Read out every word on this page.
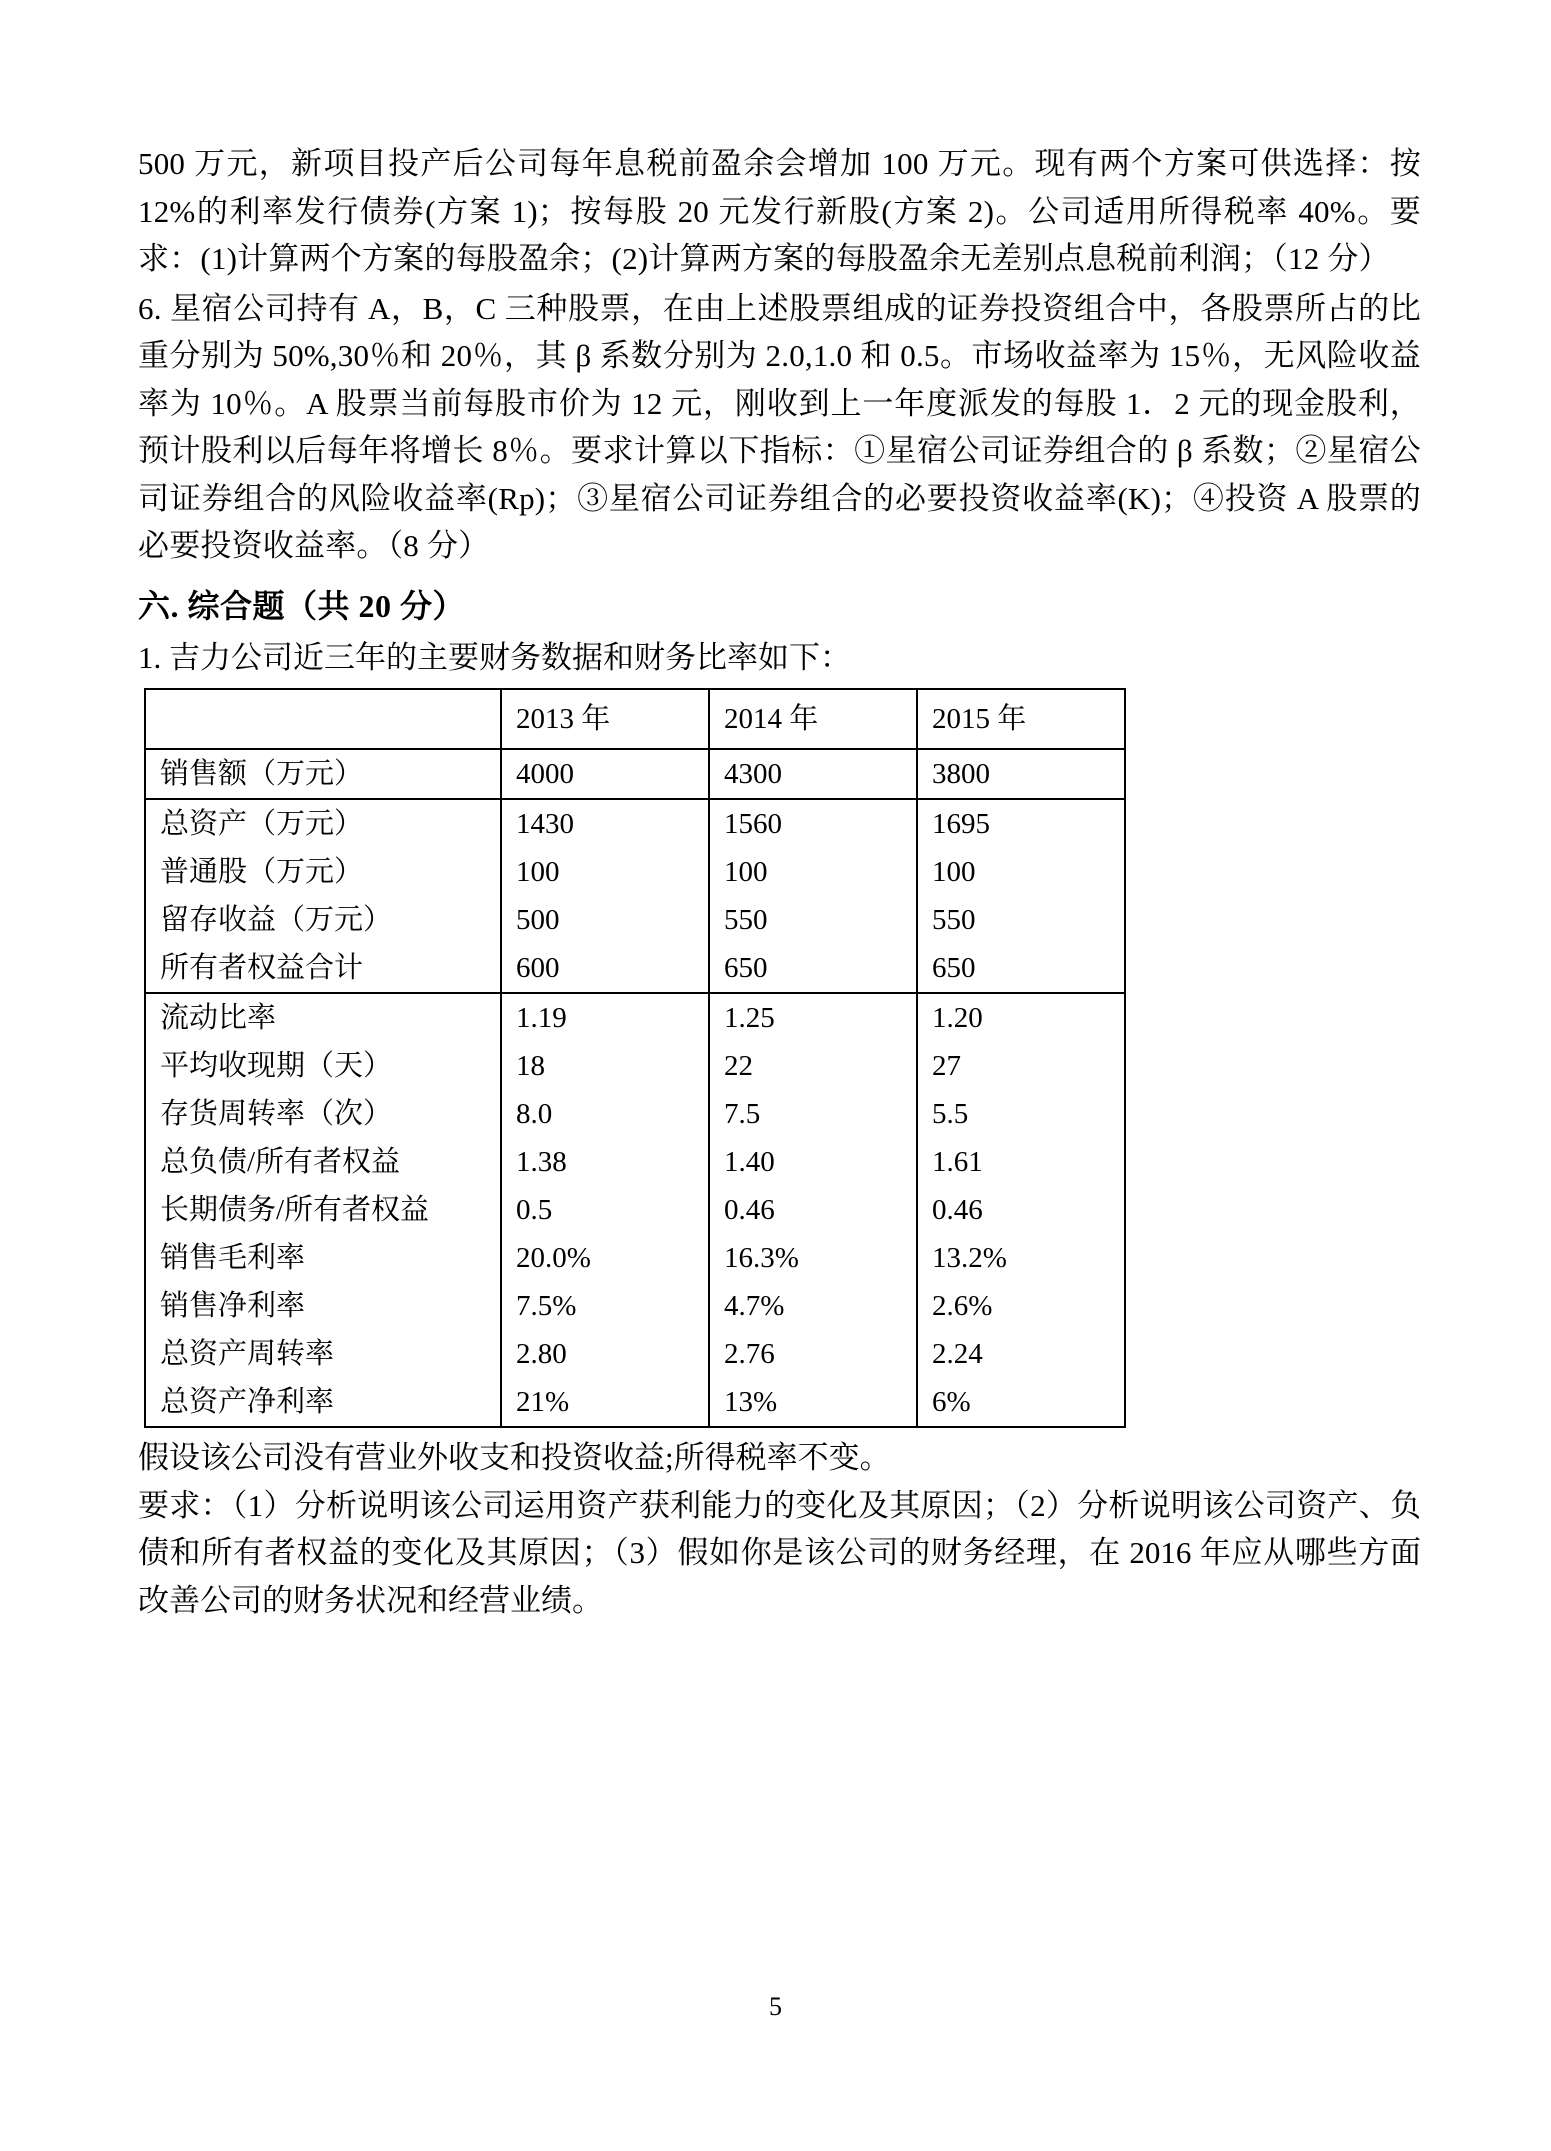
500 万元，新项目投产后公司每年息税前盈余会增加 100 万元。现有两个方案可供选择：按12%的利率发行债券(方案 1)；按每股 20 元发行新股(方案 2)。公司适用所得税率 40%。要求：(1)计算两个方案的每股盈余；(2)计算两方案的每股盈余无差别点息税前利润；（12 分）

6. 星宿公司持有 A，B，C 三种股票，在由上述股票组成的证券投资组合中，各股票所占的比重分别为 50%,30％和 20％，其 β 系数分别为 2.0,1.0 和 0.5。市场收益率为 15％，无风险收益率为 10％。A 股票当前每股市价为 12 元，刚收到上一年度派发的每股 1．2 元的现金股利，预计股利以后每年将增长 8％。要求计算以下指标：①星宿公司证券组合的 β 系数；②星宿公司证券组合的风险收益率(Rp)；③星宿公司证券组合的必要投资收益率(K)；④投资 A 股票的必要投资收益率。（8 分）

六. 综合题（共 20 分）

1. 吉力公司近三年的主要财务数据和财务比率如下：

	2013 年	2014 年	2015 年
销售额（万元）	4000	4300	3800
总资产（万元）	1430	1560	1695
普通股（万元）	100	100	100
留存收益（万元）	500	550	550
所有者权益合计	600	650	650
流动比率	1.19	1.25	1.20
平均收现期（天）	18	22	27
存货周转率（次）	8.0	7.5	5.5
总负债/所有者权益	1.38	1.40	1.61
长期债务/所有者权益	0.5	0.46	0.46
销售毛利率	20.0%	16.3%	13.2%
销售净利率	7.5%	4.7%	2.6%
总资产周转率	2.80	2.76	2.24
总资产净利率	21%	13%	6%

假设该公司没有营业外收支和投资收益;所得税率不变。

要求：（1）分析说明该公司运用资产获利能力的变化及其原因；（2）分析说明该公司资产、负债和所有者权益的变化及其原因；（3）假如你是该公司的财务经理，在 2016 年应从哪些方面改善公司的财务状况和经营业绩。

5
